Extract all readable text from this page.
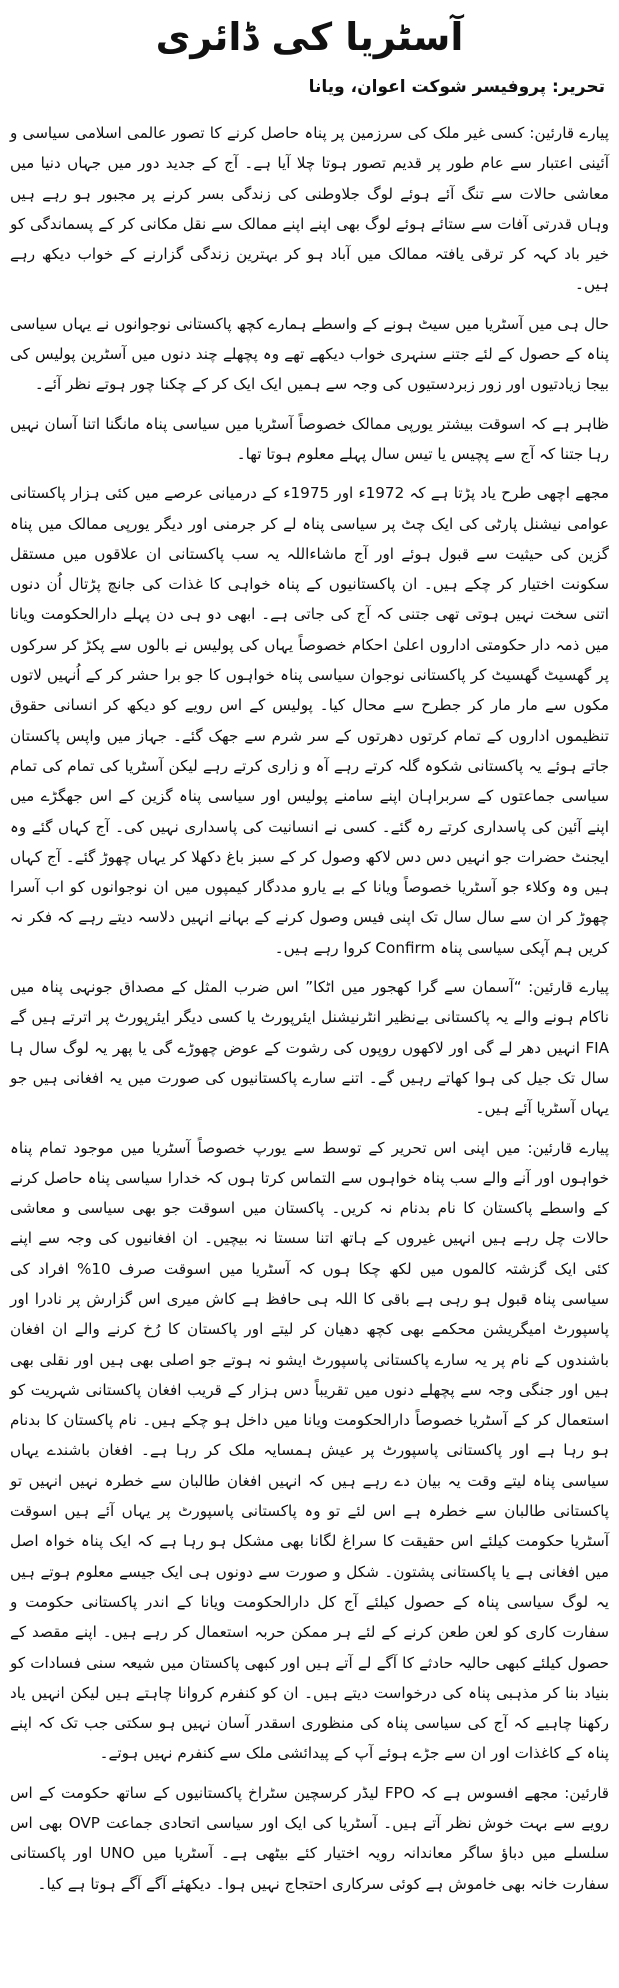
آسٹریا کی ڈائری
تحریر: پروفیسر شوکت اعوان، ویانا

پیارے قارئین: کسی غیر ملک کی سرزمین پر پناہ حاصل کرنے کا تصور عالمی اسلامی سیاسی و آئینی اعتبار سے عام طور پر قدیم تصور ہوتا چلا آیا ہے۔ آج کے جدید دور میں جہاں دنیا میں معاشی حالات سے تنگ آئے ہوئے لوگ جلاوطنی کی زندگی بسر کرنے پر مجبور ہو رہے ہیں وہاں قدرتی آفات سے ستائے ہوئے لوگ بھی اپنے اپنے ممالک سے نقل مکانی کر کے پسماندگی کو خیر باد کہہ کر ترقی یافتہ ممالک میں آباد ہو کر بہترین زندگی گزارنے کے خواب دیکھ رہے ہیں۔

حال ہی میں آسٹریا میں سیٹ ہونے کے واسطے ہمارے کچھ پاکستانی نوجوانوں نے یہاں سیاسی پناہ کے حصول کے لئے جتنے سنہری خواب دیکھے تھے وہ پچھلے چند دنوں میں آسٹرین پولیس کی بیجا زیادتیوں اور زور زبردستیوں کی وجہ سے ہمیں ایک ایک کر کے چکنا چور ہوتے نظر آئے۔

ظاہر ہے کہ اسوقت بیشتر یورپی ممالک خصوصاً آسٹریا میں سیاسی پناہ مانگنا اتنا آسان نہیں رہا جتنا کہ آج سے پچیس یا تیس سال پہلے معلوم ہوتا تھا۔

مجھے اچھی طرح یاد پڑتا ہے کہ 1972ء اور 1975ء کے درمیانی عرصے میں کئی ہزار پاکستانی عوامی نیشنل پارٹی کی ایک چٹ پر سیاسی پناہ لے کر جرمنی اور دیگر یورپی ممالک میں پناہ گزین کی حیثیت سے قبول ہوئے اور آج ماشاءاللہ یہ سب پاکستانی ان علاقوں میں مستقل سکونت اختیار کر چکے ہیں۔ ان پاکستانیوں کے پناہ خواہی کا غذات کی جانچ پڑتال اُن دنوں اتنی سخت نہیں ہوتی تھی جتنی کہ آج کی جاتی ہے۔ ابھی دو ہی دن پہلے دارالحکومت ویانا میں ذمہ دار حکومتی اداروں اعلیٰ احکام خصوصاً یہاں کی پولیس نے بالوں سے پکڑ کر سرکوں پر گھسیٹ گھسیٹ کر پاکستانی نوجوان سیاسی پناہ خواہوں کا جو برا حشر کر کے اُنہیں لاتوں مکوں سے مار مار کر جطرح سے محال کیا۔ پولیس کے اس رویے کو دیکھ کر انسانی حقوق تنظیموں اداروں کے تمام کرتوں دھرتوں کے سر شرم سے جھک گئے۔ جہاز میں واپس پاکستان جاتے ہوئے یہ پاکستانی شکوہ گلہ کرتے رہے آہ و زاری کرتے رہے لیکن آسٹریا کی تمام کی تمام سیاسی جماعتوں کے سربراہان اپنے سامنے پولیس اور سیاسی پناہ گزین کے اس جھگڑے میں اپنے آئین کی پاسداری کرتے رہ گئے۔ کسی نے انسانیت کی پاسداری نہیں کی۔ آج کہاں گئے وہ ایجنٹ حضرات جو انہیں دس دس لاکھ وصول کر کے سبز باغ دکھلا کر یہاں چھوڑ گئے۔ آج کہاں ہیں وہ وکلاء جو آسٹریا خصوصاً ویانا کے بے یارو مددگار کیمپوں میں ان نوجوانوں کو اب آسرا چھوڑ کر ان سے سال سال تک اپنی فیس وصول کرنے کے بہانے انہیں دلاسہ دیتے رہے کہ فکر نہ کریں ہم آپکی سیاسی پناہ Confirm کروا رہے ہیں۔

پیارے قارئین: “آسمان سے گرا کھجور میں اٹکا” اس ضرب المثل کے مصداق جونہی پناہ میں ناکام ہونے والے یہ پاکستانی بےنظیر انٹرنیشنل ایئرپورٹ یا کسی دیگر ایئرپورٹ پر اترتے ہیں گے FIA انہیں دھر لے گی اور لاکھوں روپوں کی رشوت کے عوض چھوڑے گی یا پھر یہ لوگ سال ہا سال تک جیل کی ہوا کھاتے رہیں گے۔ اتنے سارے پاکستانیوں کی صورت میں یہ افغانی ہیں جو یہاں آسٹریا آئے ہیں۔

پیارے قارئین: میں اپنی اس تحریر کے توسط سے یورپ خصوصاً آسٹریا میں موجود تمام پناہ خواہوں اور آنے والے سب پناہ خواہوں سے التماس کرتا ہوں کہ خدارا سیاسی پناہ حاصل کرنے کے واسطے پاکستان کا نام بدنام نہ کریں۔ پاکستان میں اسوقت جو بھی سیاسی و معاشی حالات چل رہے ہیں انہیں غیروں کے ہاتھ اتنا سستا نہ بیچیں۔ ان افغانیوں کی وجہ سے اپنے کئی ایک گزشتہ کالموں میں لکھ چکا ہوں کہ آسٹریا میں اسوقت صرف 10% افراد کی سیاسی پناہ قبول ہو رہی ہے باقی کا اللہ ہی حافظ ہے کاش میری اس گزارش پر نادرا اور پاسپورٹ امیگریشن محکمے بھی کچھ دھیان کر لیتے اور پاکستان کا رُخ کرنے والے ان افغان باشندوں کے نام پر یہ سارے پاکستانی پاسپورٹ ایشو نہ ہوتے جو اصلی بھی ہیں اور نقلی بھی ہیں اور جنگی وجہ سے پچھلے دنوں میں تقریباً دس ہزار کے قریب افغان پاکستانی شہریت کو استعمال کر کے آسٹریا خصوصاً دارالحکومت ویانا میں داخل ہو چکے ہیں۔ نام پاکستان کا بدنام ہو رہا ہے اور پاکستانی پاسپورٹ پر عیش ہمسایہ ملک کر رہا ہے۔ افغان باشندے یہاں سیاسی پناہ لیتے وقت یہ بیان دے رہے ہیں کہ انہیں افغان طالبان سے خطرہ نہیں انہیں تو پاکستانی طالبان سے خطرہ ہے اس لئے تو وہ پاکستانی پاسپورٹ پر یہاں آئے ہیں اسوقت آسٹریا حکومت کیلئے اس حقیقت کا سراغ لگانا بھی مشکل ہو رہا ہے کہ ایک پناہ خواہ اصل میں افغانی ہے یا پاکستانی پشتون۔ شکل و صورت سے دونوں ہی ایک جیسے معلوم ہوتے ہیں یہ لوگ سیاسی پناہ کے حصول کیلئے آج کل دارالحکومت ویانا کے اندر پاکستانی حکومت و سفارت کاری کو لعن طعن کرنے کے لئے ہر ممکن حربہ استعمال کر رہے ہیں۔ اپنے مقصد کے حصول کیلئے کبھی حالیہ حادثے کا آگے لے آتے ہیں اور کبھی پاکستان میں شیعہ سنی فسادات کو بنیاد بنا کر مذہبی پناہ کی درخواست دیتے ہیں۔ ان کو کنفرم کروانا چاہتے ہیں لیکن انہیں یاد رکھنا چاہیے کہ آج کی سیاسی پناہ کی منظوری اسقدر آسان نہیں ہو سکتی جب تک کہ اپنے پناہ کے کاغذات اور ان سے جڑے ہوئے آپ کے پیدائشی ملک سے کنفرم نہیں ہوتے۔

قارئین: مجھے افسوس ہے کہ FPO لیڈر کرسچین سٹراخ پاکستانیوں کے ساتھ حکومت کے اس رویے سے بہت خوش نظر آتے ہیں۔ آسٹریا کی ایک اور سیاسی اتحادی جماعت OVP بھی اس سلسلے میں دباؤ ساگر معاندانہ رویہ اختیار کئے بیٹھی ہے۔ آسٹریا میں UNO اور پاکستانی سفارت خانہ بھی خاموش ہے کوئی سرکاری احتجاج نہیں ہوا۔ دیکھئے آگے آگے ہوتا ہے کیا۔
